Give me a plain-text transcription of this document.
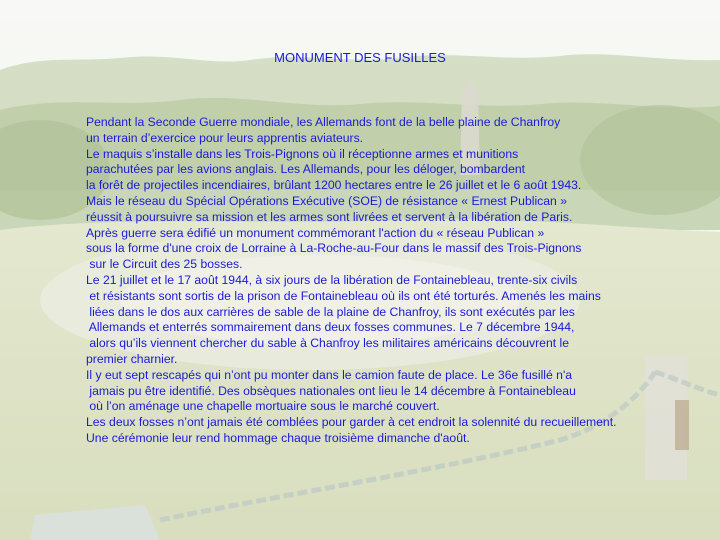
MONUMENT DES FUSILLES
Pendant la Seconde Guerre mondiale, les Allemands font de la belle plaine de Chanfroy
un terrain d’exercice pour leurs apprentis aviateurs.
Le maquis s’installe dans les Trois-Pignons où il réceptionne armes et munitions
parachutées par les avions anglais. Les Allemands, pour les déloger, bombardent
la forêt de projectiles incendiaires, brûlant 1200 hectares entre le 26 juillet et le 6 août 1943.
Mais le réseau du Spécial Opérations Exécutive (SOE) de résistance « Ernest Publican »
réussit à poursuivre sa mission et les armes sont livrées et servent à la libération de Paris.
Après guerre sera édifié un monument commémorant l'action du « réseau Publican »
sous la forme d'une croix de Lorraine à La-Roche-au-Four dans le massif des Trois-Pignons
sur le Circuit des 25 bosses.
Le 21 juillet et le 17 août 1944, à six jours de la libération de Fontainebleau, trente-six civils
et résistants sont sortis de la prison de Fontainebleau où ils ont été torturés. Amenés les mains
liées dans le dos aux carrières de sable de la plaine de Chanfroy, ils sont exécutés par les
Allemands et enterrés sommairement dans deux fosses communes. Le 7 décembre 1944,
alors qu’ils viennent chercher du sable à Chanfroy les militaires américains découvrent le
premier charnier.
Il y eut sept rescapés qui n’ont pu monter dans le camion faute de place. Le 36e fusillé n'a
jamais pu être identifié. Des obsèques nationales ont lieu le 14 décembre à Fontainebleau
où l’on aménage une chapelle mortuaire sous le marché couvert.
Les deux fosses n’ont jamais été comblées pour garder à cet endroit la solennité du recueillement.
Une cérémonie leur rend hommage chaque troisième dimanche d'août.
